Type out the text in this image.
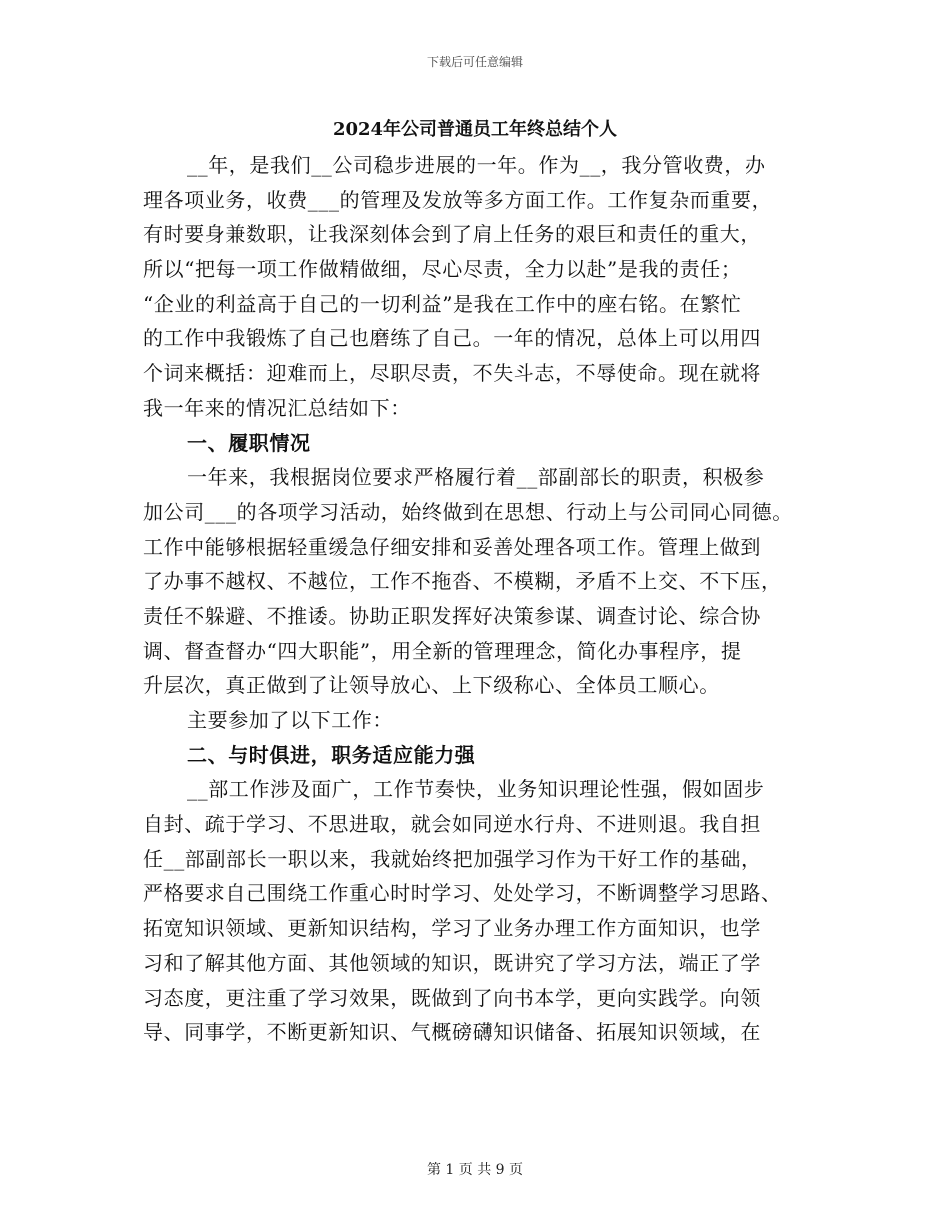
下载后可任意编辑
2024年公司普通员工年终总结个人
__年，是我们__公司稳步进展的一年。作为__，我分管收费，办
理各项业务，收费___的管理及发放等多方面工作。工作复杂而重要，
有时要身兼数职，让我深刻体会到了肩上任务的艰巨和责任的重大，
所以“把每一项工作做精做细，尽心尽责，全力以赴”是我的责任；
“企业的利益高于自己的一切利益”是我在工作中的座右铭。在繁忙
的工作中我锻炼了自己也磨练了自己。一年的情况，总体上可以用四
个词来概括：迎难而上，尽职尽责，不失斗志，不辱使命。现在就将
我一年来的情况汇总结如下：
一、履职情况
一年来，我根据岗位要求严格履行着__部副部长的职责，积极参
加公司___的各项学习活动，始终做到在思想、行动上与公司同心同德。
工作中能够根据轻重缓急仔细安排和妥善处理各项工作。管理上做到
了办事不越权、不越位，工作不拖沓、不模糊，矛盾不上交、不下压，
责任不躲避、不推诿。协助正职发挥好决策参谋、调查讨论、综合协
调、督查督办“四大职能”，用全新的管理理念，简化办事程序，提
升层次，真正做到了让领导放心、上下级称心、全体员工顺心。
主要参加了以下工作：
二、与时俱进，职务适应能力强
__部工作涉及面广，工作节奏快，业务知识理论性强，假如固步
自封、疏于学习、不思进取，就会如同逆水行舟、不进则退。我自担
任__部副部长一职以来，我就始终把加强学习作为干好工作的基础，
严格要求自己围绕工作重心时时学习、处处学习，不断调整学习思路、
拓宽知识领域、更新知识结构，学习了业务办理工作方面知识，也学
习和了解其他方面、其他领域的知识，既讲究了学习方法，端正了学
习态度，更注重了学习效果，既做到了向书本学，更向实践学。向领
导、同事学，不断更新知识、气概磅礴知识储备、拓展知识领域，在
第 1 页 共 9 页
